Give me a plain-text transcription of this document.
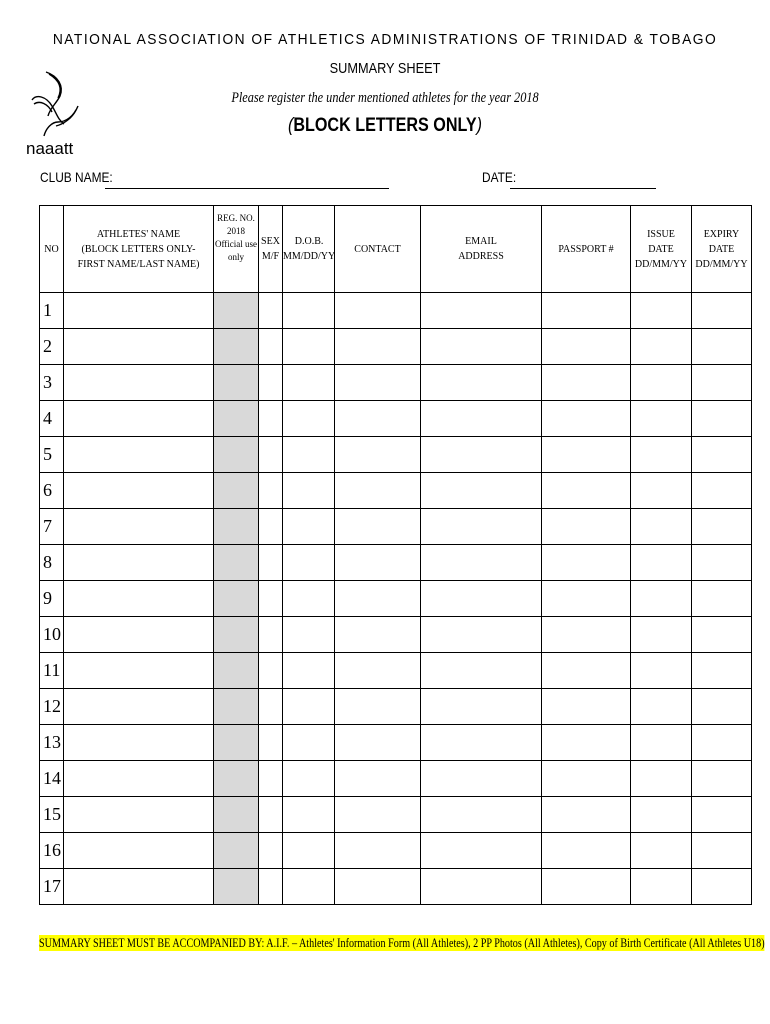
NATIONAL ASSOCIATION OF ATHLETICS ADMINISTRATIONS OF TRINIDAD & TOBAGO
naaatt
SUMMARY SHEET
Please register the under mentioned athletes for the year 2018
(BLOCK LETTERS ONLY)
CLUB NAME:	DATE:
NO	ATHLETES' NAME
(BLOCK LETTERS ONLY-
FIRST NAME/LAST NAME)	REG. NO.
2018
Official use
only	SEX
M/F	D.O.B.
MM/DD/YY	CONTACT	EMAIL
ADDRESS	PASSPORT #	ISSUE
DATE
DD/MM/YY	EXPIRY
DATE
DD/MM/YY
1									
2									
3									
4									
5									
6									
7									
8									
9									
10									
11									
12									
13									
14									
15									
16									
17									
SUMMARY SHEET MUST BE ACCOMPANIED BY: A.I.F. – Athletes' Information Form (All Athletes), 2 PP Photos (All Athletes), Copy of Birth Certificate (All Athletes U18)
